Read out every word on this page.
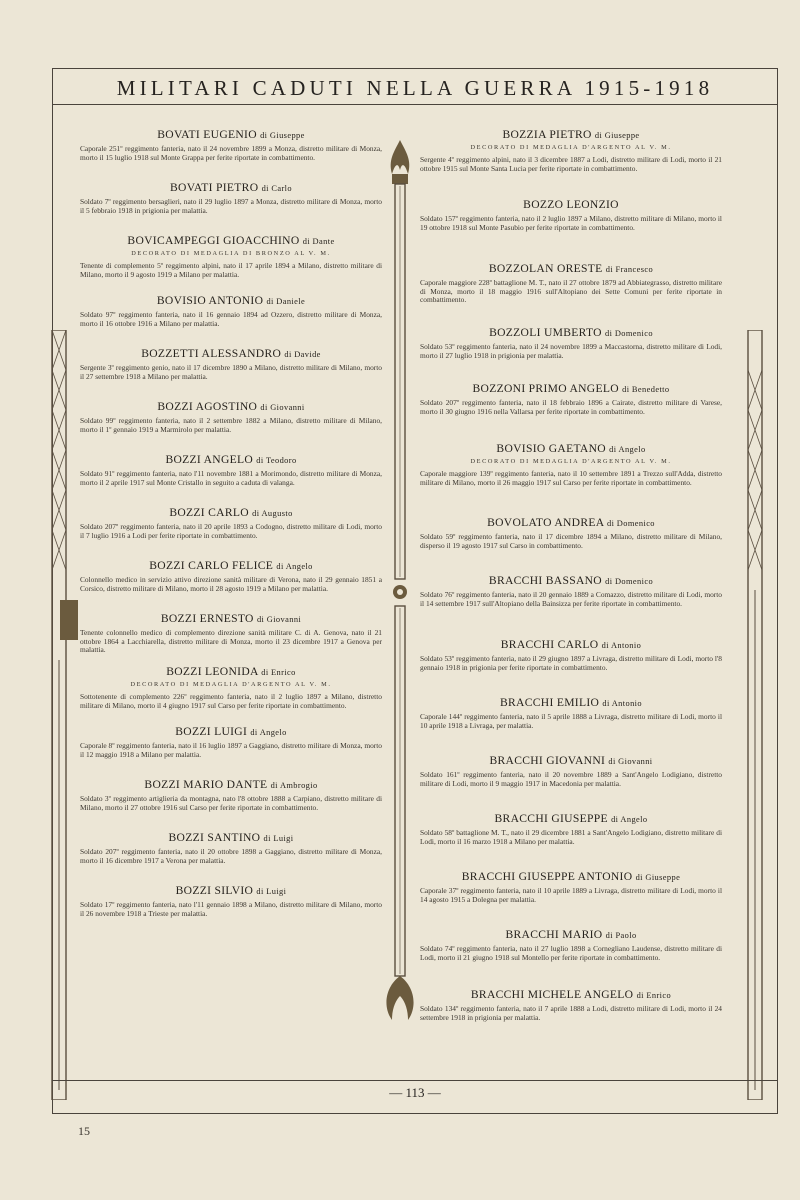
MILITARI CADUTI NELLA GUERRA 1915-1918
BOVATI EUGENIO di Giuseppe
Caporale 251º reggimento fanteria, nato il 24 novembre 1899 a Monza, distretto militare di Monza, morto il 15 luglio 1918 sul Monte Grappa per ferite riportate in combattimento.
BOVATI PIETRO di Carlo
Soldato 7º reggimento bersaglieri, nato il 29 luglio 1897 a Monza, distretto militare di Monza, morto il 5 febbraio 1918 in prigionia per malattia.
BOVICAMPEGGI GIOACCHINO di Dante
DECORATO DI MEDAGLIA DI BRONZO AL V. M.
Tenente di complemento 5º reggimento alpini, nato il 17 aprile 1894 a Milano, distretto militare di Milano, morto il 9 agosto 1919 a Milano per malattia.
BOVISIO ANTONIO di Daniele
Soldato 97º reggimento fanteria, nato il 16 gennaio 1894 ad Ozzero, distretto militare di Monza, morto il 16 ottobre 1916 a Milano per malattia.
BOZZETTI ALESSANDRO di Davide
Sergente 3º reggimento genio, nato il 17 dicembre 1890 a Milano, distretto militare di Milano, morto il 27 settembre 1918 a Milano per malattia.
BOZZI AGOSTINO di Giovanni
Soldato 99º reggimento fanteria, nato il 2 settembre 1882 a Milano, distretto militare di Milano, morto il 1º gennaio 1919 a Marmirolo per malattia.
BOZZI ANGELO di Teodoro
Soldato 91º reggimento fanteria, nato l'11 novembre 1881 a Morimondo, distretto militare di Monza, morto il 2 aprile 1917 sul Monte Cristallo in seguito a caduta di valanga.
BOZZI CARLO di Augusto
Soldato 207º reggimento fanteria, nato il 20 aprile 1893 a Codogno, distretto militare di Lodi, morto il 7 luglio 1916 a Lodi per ferite riportate in combattimento.
BOZZI CARLO FELICE di Angelo
Colonnello medico in servizio attivo direzione sanità militare di Verona, nato il 29 gennaio 1851 a Corsico, distretto militare di Milano, morto il 28 agosto 1919 a Milano per malattia.
BOZZI ERNESTO di Giovanni
Tenente colonnello medico di complemento direzione sanità militare C. di A. Genova, nato il 21 ottobre 1864 a Lacchiarella, distretto militare di Monza, morto il 23 dicembre 1917 a Genova per malattia.
BOZZI LEONIDA di Enrico
DECORATO DI MEDAGLIA D'ARGENTO AL V. M.
Sottotenente di complemento 226º reggimento fanteria, nato il 2 luglio 1897 a Milano, distretto militare di Milano, morto il 4 giugno 1917 sul Carso per ferite riportate in combattimento.
BOZZI LUIGI di Angelo
Caporale 8º reggimento fanteria, nato il 16 luglio 1897 a Gaggiano, distretto militare di Monza, morto il 12 maggio 1918 a Milano per malattia.
BOZZI MARIO DANTE di Ambrogio
Soldato 3º reggimento artiglieria da montagna, nato l'8 ottobre 1888 a Carpiano, distretto militare di Milano, morto il 27 ottobre 1916 sul Carso per ferite riportate in combattimento.
BOZZI SANTINO di Luigi
Soldato 207º reggimento fanteria, nato il 20 ottobre 1898 a Gaggiano, distretto militare di Monza, morto il 16 dicembre 1917 a Verona per malattia.
BOZZI SILVIO di Luigi
Soldato 17º reggimento fanteria, nato l'11 gennaio 1898 a Milano, distretto militare di Milano, morto il 26 novembre 1918 a Trieste per malattia.
BOZZIA PIETRO di Giuseppe
DECORATO DI MEDAGLIA D'ARGENTO AL V. M.
Sergente 4º reggimento alpini, nato il 3 dicembre 1887 a Lodi, distretto militare di Lodi, morto il 21 ottobre 1915 sul Monte Santa Lucia per ferite riportate in combattimento.
BOZZO LEONZIO
Soldato 157º reggimento fanteria, nato il 2 luglio 1897 a Milano, distretto militare di Milano, morto il 19 ottobre 1918 sul Monte Pasubio per ferite riportate in combattimento.
BOZZOLAN ORESTE di Francesco
Caporale maggiore 228º battaglione M. T., nato il 27 ottobre 1879 ad Abbiategrasso, distretto militare di Monza, morto il 18 maggio 1916 sull'Altopiano dei Sette Comuni per ferite riportate in combattimento.
BOZZOLI UMBERTO di Domenico
Soldato 53º reggimento fanteria, nato il 24 novembre 1899 a Maccastorna, distretto militare di Lodi, morto il 27 luglio 1918 in prigionia per malattia.
BOZZONI PRIMO ANGELO di Benedetto
Soldato 207º reggimento fanteria, nato il 18 febbraio 1896 a Cairate, distretto militare di Varese, morto il 30 giugno 1916 nella Vallarsa per ferite riportate in combattimento.
BOVISIO GAETANO di Angelo
DECORATO DI MEDAGLIA D'ARGENTO AL V. M.
Caporale maggiore 139º reggimento fanteria, nato il 10 settembre 1891 a Trezzo sull'Adda, distretto militare di Milano, morto il 26 maggio 1917 sul Carso per ferite riportate in combattimento.
BOVOLATO ANDREA di Domenico
Soldato 59º reggimento fanteria, nato il 17 dicembre 1894 a Milano, distretto militare di Milano, disperso il 19 agosto 1917 sul Carso in combattimento.
BRACCHI BASSANO di Domenico
Soldato 76º reggimento fanteria, nato il 20 gennaio 1889 a Comazzo, distretto militare di Lodi, morto il 14 settembre 1917 sull'Altopiano della Bainsizza per ferite riportate in combattimento.
BRACCHI CARLO di Antonio
Soldato 53º reggimento fanteria, nato il 29 giugno 1897 a Livraga, distretto militare di Lodi, morto l'8 gennaio 1918 in prigionia per ferite riportate in combattimento.
BRACCHI EMILIO di Antonio
Caporale 144º reggimento fanteria, nato il 5 aprile 1888 a Livraga, distretto militare di Lodi, morto il 10 aprile 1918 a Livraga, per malattia.
BRACCHI GIOVANNI di Giovanni
Soldato 161º reggimento fanteria, nato il 20 novembre 1889 a Sant'Angelo Lodigiano, distretto militare di Lodi, morto il 9 maggio 1917 in Macedonia per malattia.
BRACCHI GIUSEPPE di Angelo
Soldato 58º battaglione M. T., nato il 29 dicembre 1881 a Sant'Angelo Lodigiano, distretto militare di Lodi, morto il 16 marzo 1918 a Milano per malattia.
BRACCHI GIUSEPPE ANTONIO di Giuseppe
Caporale 37º reggimento fanteria, nato il 10 aprile 1889 a Livraga, distretto militare di Lodi, morto il 14 agosto 1915 a Dolegna per malattia.
BRACCHI MARIO di Paolo
Soldato 74º reggimento fanteria, nato il 27 luglio 1898 a Cornegliano Laudense, distretto militare di Lodi, morto il 21 giugno 1918 sul Montello per ferite riportate in combattimento.
BRACCHI MICHELE ANGELO di Enrico
Soldato 134º reggimento fanteria, nato il 7 aprile 1888 a Lodi, distretto militare di Lodi, morto il 24 settembre 1918 in prigionia per malattia.
— 113 —
15
